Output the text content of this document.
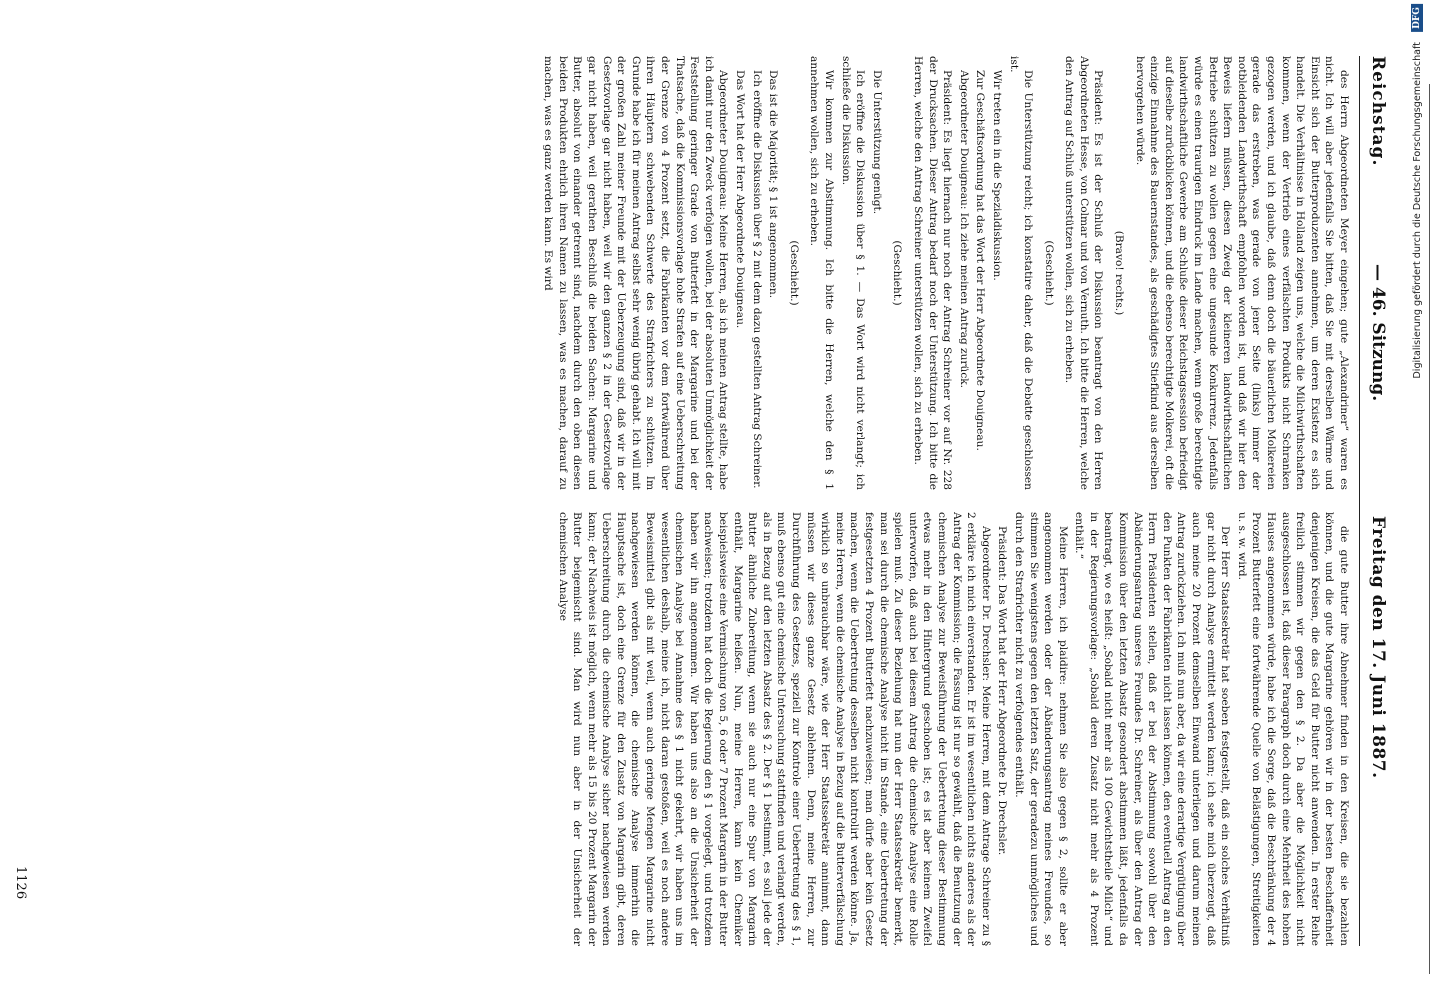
Reichstag.
— 46. Sitzung.
Freitag den 17. Juni 1887.

des Herrn Abgeordneten Meyer eingehen; gute „Alexandriner“ waren es nicht. Ich will aber jedenfalls Sie bitten, daß Sie mit derselben Wärme und Einsicht sich der Butterproduzenten annehmen, um deren Existenz es sich handelt. Die Verhältnisse in Holland zeigen uns, welche die Milchwirthschaften kommen, wenn der Vertrieb eines verfälschten Produkts nicht Schranken gezogen werden, und ich glaube, daß denn doch die bäuerlichen Molkereien gerade das erstreben, was gerade von jener Seite (links) immer der notbleidenden Landwirthschaft empfohlen worden ist, und daß wir hier den Beweis liefern müssen, diesen Zweig der kleineren landwirthschaftlichen Betriebe schützen zu wollen gegen eine ungesunde Konkurrenz. Jedenfalls würde es einen traurigen Eindruck im Lande machen, wenn große berechtigte landwirthschaftliche Gewerbe am Schluße dieser Reichstagssession befriedigt auf dieselbe zurückblicken können, und die ebenso berechtigte Molkerei, oft die einzige Einnahme des Bauernstandes, als geschädigtes Stiefkind aus derselben hervorgehen würde.

(Bravo! rechts.)

Präsident: Es ist der Schluß der Diskussion beantragt von den Herren Abgeordneten Hesse, von Colmar und von Vernuth. Ich bitte die Herren, welche den Antrag auf Schluß unterstützen wollen, sich zu erheben.

(Geschieht.)

Die Unterstützung reicht; ich konstatire daher, daß die Debatte geschlossen ist.

Wir treten ein in die Spezialdiskussion.

Zur Geschäftsordnung hat das Wort der Herr Abgeordnete Douigneau.

Abgeordneter Douigneau: Ich ziehe meinen Antrag zurück.

Präsident: Es liegt hiernach nur noch der Antrag Schreiner vor auf Nr. 228 der Drucksachen. Dieser Antrag bedarf noch der Unterstützung. Ich bitte die Herren, welche den Antrag Schreiner unterstützen wollen, sich zu erheben.

(Geschieht.)

Die Unterstützung genügt.

Ich eröffne die Diskussion über § 1. — Das Wort wird nicht verlangt; ich schließe die Diskussion.

Wir kommen zur Abstimmung. Ich bitte die Herren, welche den § 1 annehmen wollen, sich zu erheben.

(Geschieht.)

Das ist die Majorität; § 1 ist angenommen.

Ich eröffne die Diskussion über § 2 mit dem dazu gestellten Antrag Schreiner.

Das Wort hat der Herr Abgeordnete Douigneau.

Abgeordneter Douigneau: Meine Herren, als ich meinen Antrag stellte, habe ich damit nur den Zweck verfolgen wollen, bei der absoluten Unmöglichkeit der Feststellung geringer Grade von Butterfett in der Margarine und bei der Thatsache, daß die Kommissionsvorlage hohe Strafen auf eine Ueberschreitung der Grenze von 4 Prozent setzt, die Fabrikanten vor dem fortwährend über ihren Häuptern schwebenden Schwerte des Strafrichters zu schützen. Im Grunde habe ich für meinen Antrag selbst sehr wenig übrig gehabt. Ich will mit der großen Zahl meiner Freunde mit der Ueberzeugung sind, daß wir in der Gesetzvorlage gar nicht haben, weil wir den ganzen § 2 in der Gesetzvorlage gar nicht haben, weil gerathen Beschluß die beiden Sachen: Margarine und Butter, absolut von einander getrennt sind, nachdem durch den oben diesen beiden Produkten ehrlich ihren Namen zu lassen, was es machen, darauf zu machen, was es ganz werden kann. Es wird

die gute Butter ihre Abnehmer finden in den Kreisen, die sie bezahlen können, und die gute Margarine gehören wir in der besten Beschaffenheit denjenigen Kreisen, die das Geld für Butter nicht anwenden. In erster Reihe freilich stimmen wir gegen den § 2. Da aber die Möglichkeit nicht ausgeschlossen ist, daß dieser Paragraph doch durch eine Mehrheit des hohen Hauses angenommen würde, habe ich die Sorge, daß die Beschränkung der 4 Prozent Butterfett eine fortwährende Quelle von Belästigungen, Streitigkeiten u. s. w. wird.

Der Herr Staatssekretär hat soeben festgestellt, daß ein solches Verhältniß gar nicht durch Analyse ermittelt werden kann; ich sehe mich überzeugt, daß auch meine 20 Prozent demselben Einwand unterliegen und darum meinen Antrag zurückziehen. Ich muß nun aber, da wir eine derartige Vergütigung über den Punkten der Fabrikanten nicht lassen können, den eventuell Antrag an den Herrn Präsidenten stellen, daß er bei der Abstimmung sowohl über den Abänderungsantrag unseres Freundes Dr. Schreiner, als über den Antrag der Kommission über den letzten Absatz gesondert abstimmen läßt, jedenfalls da beantragt, wo es heißt: „Sobald nicht mehr als 100 Gewichtstheile Milch“ und in der Regierungsvorlage: „Sobald deren Zusatz nicht mehr als 4 Prozent enthält.“

Meine Herren, ich plaidire: nehmen Sie also gegen § 2, sollte er aber angenommen werden oder der Abänderungsantrag meines Freundes, so stimmen Sie wenigstens gegen den letzten Satz, der geradezu unmögliches und durch den Strafrichter nicht zu verfolgendes enthält.

Präsident: Das Wort hat der Herr Abgeordnete Dr. Drechsler.

Abgeordneter Dr. Drechsler: Meine Herren, mit dem Antrage Schreiner zu § 2 erkläre ich mich einverstanden. Er ist im wesentlichen nichts anderes als der Antrag der Kommission; die Fassung ist nur so gewählt, daß die Benutzung der chemischen Analyse zur Beweisführung der Uebertretung dieser Bestimmung etwas mehr in den Hintergrund geschoben ist; es ist aber keinem Zweifel unterworfen, daß auch bei diesem Antrag die chemische Analyse eine Rolle spielen muß. Zu dieser Beziehung hat nun der Herr Staatssekretär bemerkt, man sei durch die chemische Analyse nicht im Stande, eine Uebertretung der festgesetzten 4 Prozent Butterfett nachzuweisen; man dürfe aber kein Gesetz machen, wenn die Uebertretung desselben nicht kontrolirt werden könne. Ja, meine Herren, wenn die chemische Analyse in Bezug auf die Butterverfälschung wirklich so unbrauchbar wäre, wie der Herr Staatssekretär annimmt, dann müssen wir dieses ganze Gesetz ablehnen. Denn, meine Herren, zur Durchführung des Gesetzes, speziell zur Kontrole einer Uebertretung des § 1, muß ebenso gut eine chemische Untersuchung stattfinden und verlangt werden, als in Bezug auf den letzten Absatz des § 2. Der § 1 bestimmt, es soll jede der Butter ähnliche Zubereitung, wenn sie auch nur eine Spur von Margarin enthält, Margarine heißen. Nun, meine Herren, kann kein Chemiker beispielsweise eine Vermischung von 5, 6 oder 7 Prozent Margarin in der Butter nachweisen; trotzdem hat doch die Regierung den § 1 vorgelegt, und trotzdem haben wir ihn angenommen. Wir haben uns also an die Unsicherheit der chemischen Analyse bei Annahme des § 1 nicht gekehrt, wir haben uns im wesentlichen deshalb, meine ich, nicht daran gestoßen, weil es noch andere Beweismittel gibt als mit weil, wenn auch geringe Mengen Margarine nicht nachgewiesen werden können, die chemische Analyse immerhin die Hauptsache ist, doch eine Grenze für den Zusatz von Margarin gibt, deren Ueberschreitung durch die chemische Analyse sicher nachgewiesen werden kann; der Nachweis ist möglich, wenn mehr als 15 bis 20 Prozent Margarin der Butter beigemischt sind. Man wird nun aber in der Unsicherheit der chemischen Analyse

1126
DFG
Digitalisierung gefördert durch die Deutsche Forschungsgemeinschaft
